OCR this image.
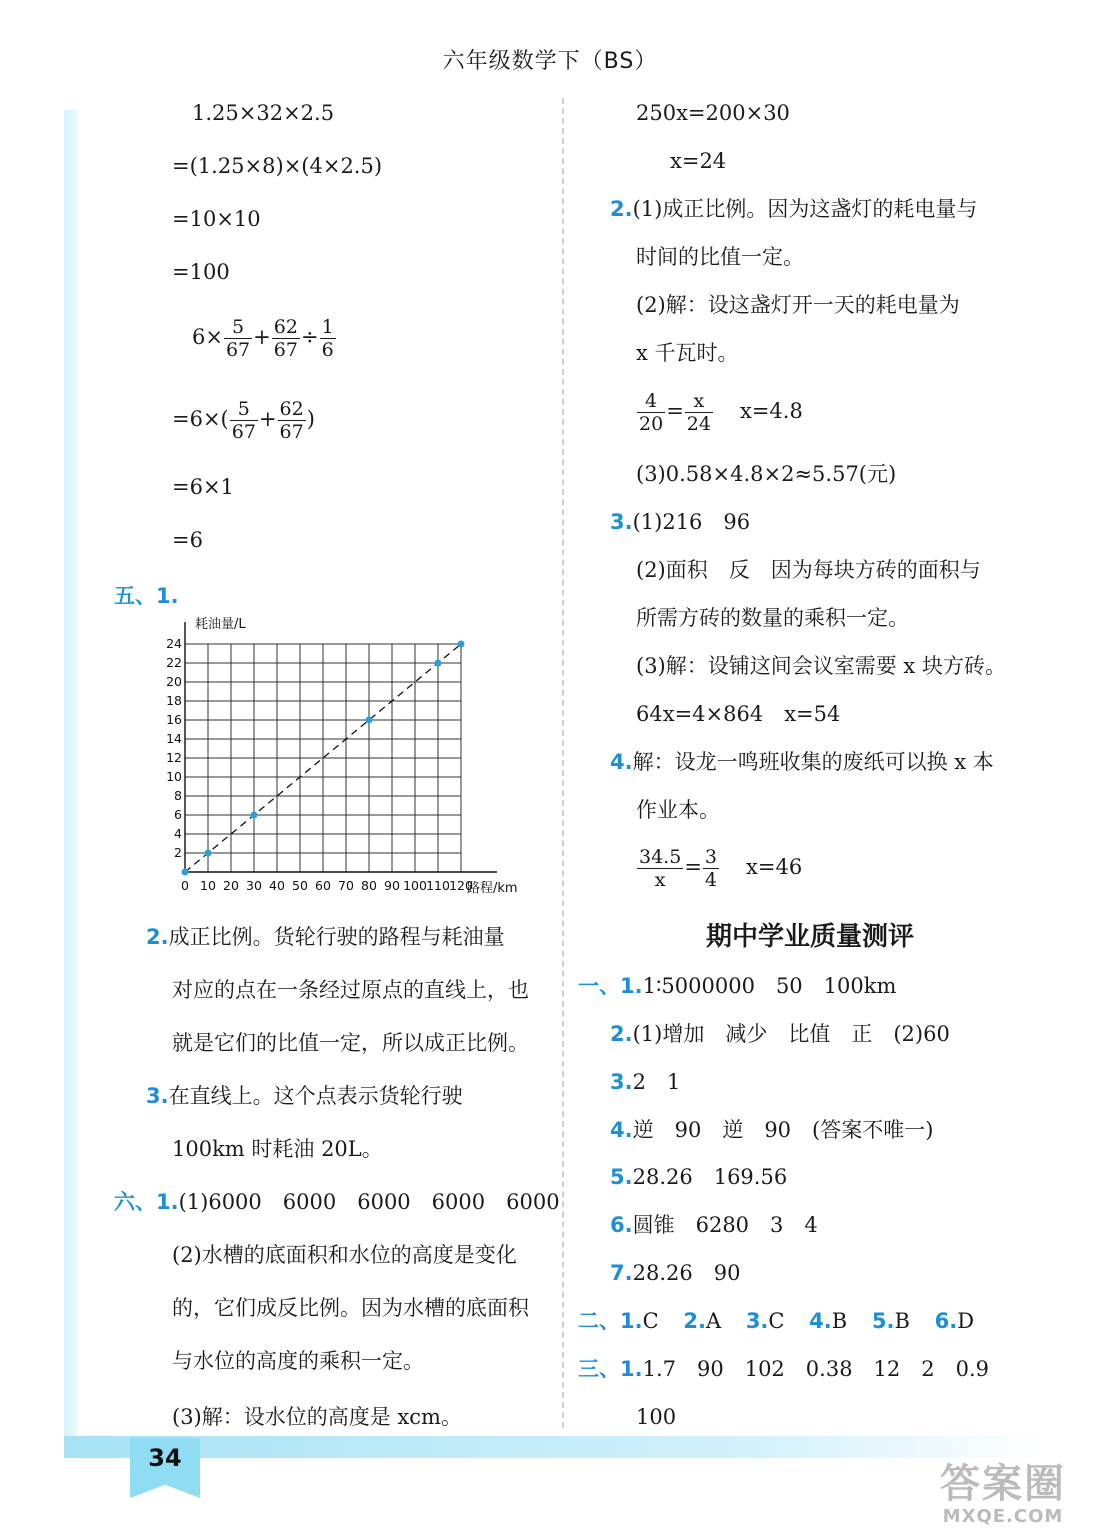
34
答案圈
MXQE.COM
六年级数学下（BS）
1.25×32×2.5
=(1.25×8)×(4×2.5)
=10×10
=100
$6\times \frac{5}{67} + \frac{62}{67} \div \frac{1}{6}$
$=6\times( \frac{5}{67} + \frac{62}{67}$ )
=6×1
=6
五、1.
0 10 20 30 40 50 60 70 80 90 100 110 120
2
4
6
8
10
12
14
16
18
20
22
24
耗油量/L
路程/km
2.成正比例。货轮行驶的路程与耗油量
对应的点在一条经过原点的直线上，也
就是它们的比值一定，所以成正比例。
3.在直线上。这个点表示货轮行驶
100km 时耗油 20L。
六、1.(1)6000　6000　6000　6000　6000
(2)水槽的底面积和水位的高度是变化
的，它们成反比例。因为水槽的底面积
与水位的高度的乘积一定。
(3)解：设水位的高度是 xcm。
250x=200×30
x=24
2.(1)成正比例。因为这盏灯的耗电量与
时间的比值一定。
(2)解：设这盏灯开一天的耗电量为
x 千瓦时。
$\frac{4}{20} = \frac{x}{24} x=4.8$
(3)0.58×4.8×2≈5.57(元)
3.(1)216　96
(2)面积　反　因为每块方砖的面积与
所需方砖的数量的乘积一定。
(3)解：设铺这间会议室需要 x 块方砖。
64x=4×864　x=54
4.解：设龙一鸣班收集的废纸可以换 x 本
作业本。
$\frac{34.5}{x} = \frac{3}{4} x=46$
期中学业质量测评
一、1.1∶5000000　50　100km
2.(1)增加　减少　比值　正　(2)60
3.2　1
4.逆　90　逆　90　(答案不唯一)
5.28.26　169.56
6.圆锥　6280　3　4
7.28.26　90
二、1.C 2.A 3.C 4.B 5.B 6.D
三、1.1.7　90　102　0.38　12　2　0.9
100
